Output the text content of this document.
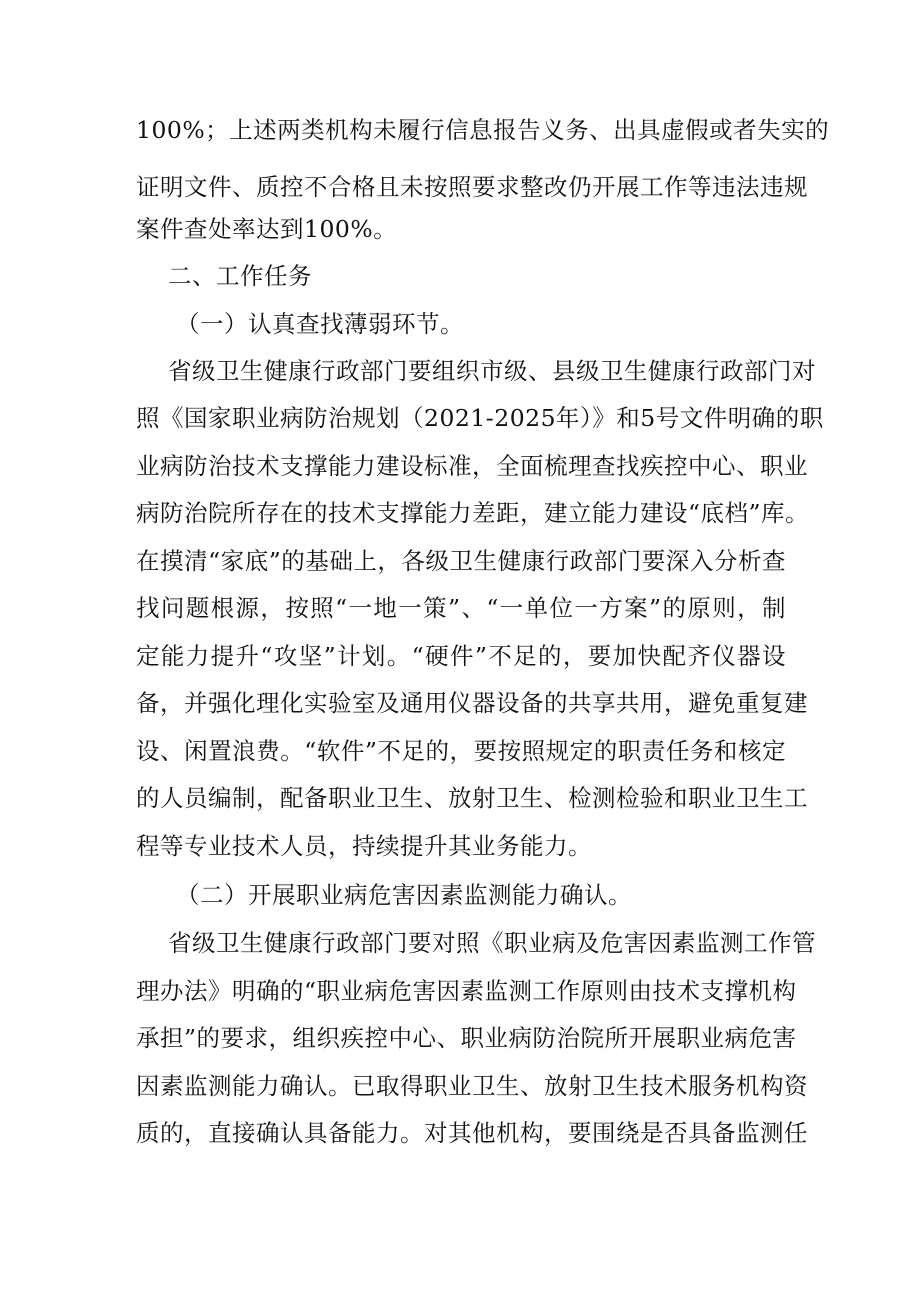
100%；上述两类机构未履行信息报告义务、出具虚假或者失实的
证明文件、质控不合格且未按照要求整改仍开展工作等违法违规
案件查处率达到100%。
二、工作任务
（一）认真查找薄弱环节。
省级卫生健康行政部门要组织市级、县级卫生健康行政部门对
照《国家职业病防治规划（2021-2025年）》和5号文件明确的职
业病防治技术支撑能力建设标准，全面梳理查找疾控中心、职业
病防治院所存在的技术支撑能力差距，建立能力建设“底档”库。
在摸清“家底”的基础上，各级卫生健康行政部门要深入分析查
找问题根源，按照“一地一策”、“一单位一方案”的原则，制
定能力提升“攻坚”计划。“硬件”不足的，要加快配齐仪器设
备，并强化理化实验室及通用仪器设备的共享共用，避免重复建
设、闲置浪费。“软件”不足的，要按照规定的职责任务和核定
的人员编制，配备职业卫生、放射卫生、检测检验和职业卫生工
程等专业技术人员，持续提升其业务能力。
（二）开展职业病危害因素监测能力确认。
省级卫生健康行政部门要对照《职业病及危害因素监测工作管
理办法》明确的“职业病危害因素监测工作原则由技术支撑机构
承担”的要求，组织疾控中心、职业病防治院所开展职业病危害
因素监测能力确认。已取得职业卫生、放射卫生技术服务机构资
质的，直接确认具备能力。对其他机构，要围绕是否具备监测任
